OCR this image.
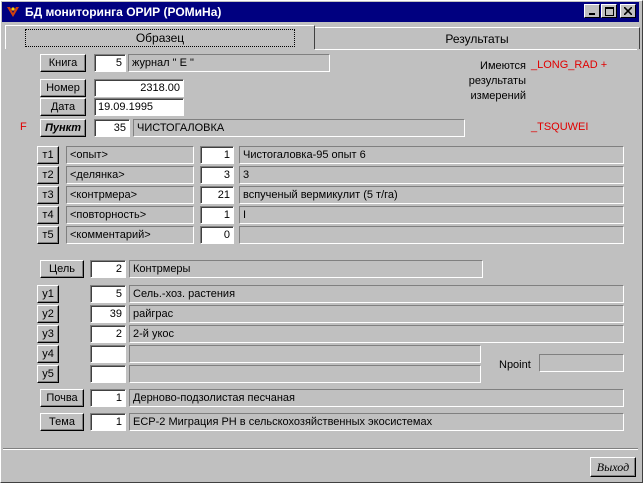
БД мониторинга ОРИР (РОМиНа)
Образец	Результаты
Книга	5 журнал " Е "
Номер	2318.00
Дата	19.09.1995
F Пункт	35	ЧИСТОГАЛОВКА
Имеются
результаты
измерений
_LONG_RAD +
_TSQUWEI
т1	<опыт>	1	Чистогаловка-95 опыт 6
т2	<делянка>	3	3
т3	<контрмера>	21	вспученый вермикулит (5 т/га)
т4	<повторность>	1	I
т5	<комментарий>	0
Цель	2	Контрмеры
у1	5	Сель.-хоз. растения
у2	39	райграс
у3	2	2-й укос
у4
у5
Npoint
Почва	1	Дерново-подзолистая песчаная
Тема	1	ECP-2 Миграция РН в сельскохозяйственных экосистемах
Выход
